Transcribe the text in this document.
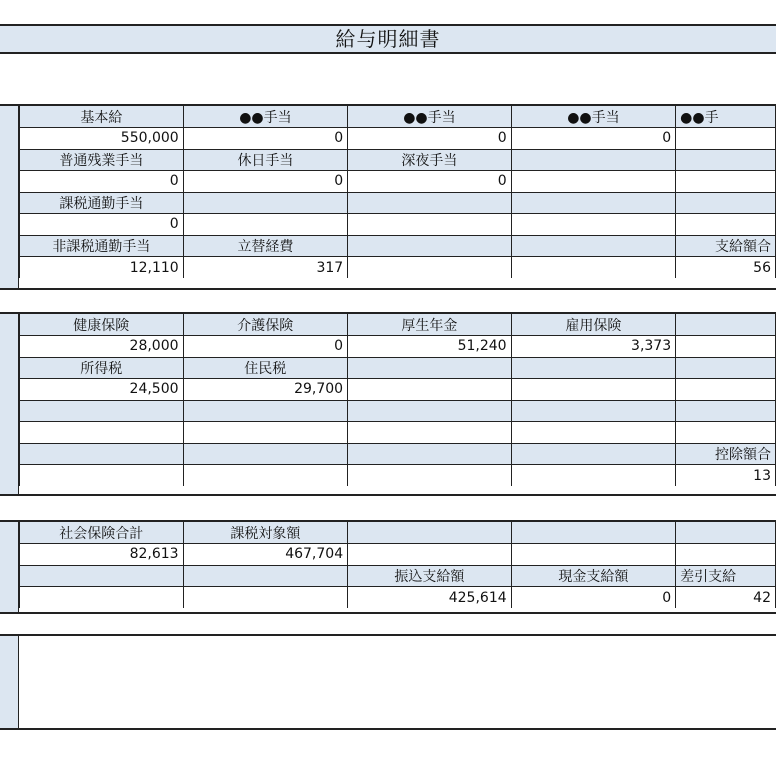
給与明細書
基本給	●●手当	●●手当	●●手当	●●手
550,000	0	0	0	
普通残業手当	休日手当	深夜手当		
0	0	0		
課税通勤手当				
0				
非課税通勤手当	立替経費			支給額合
12,110	317			56
健康保険	介護保険	厚生年金	雇用保険	
28,000	0	51,240	3,373	
所得税	住民税			
24,500	29,700			

				控除額合
				13
社会保険合計	課税対象額			
82,613	467,704			
		振込支給額	現金支給額	差引支給
		425,614	0	42
